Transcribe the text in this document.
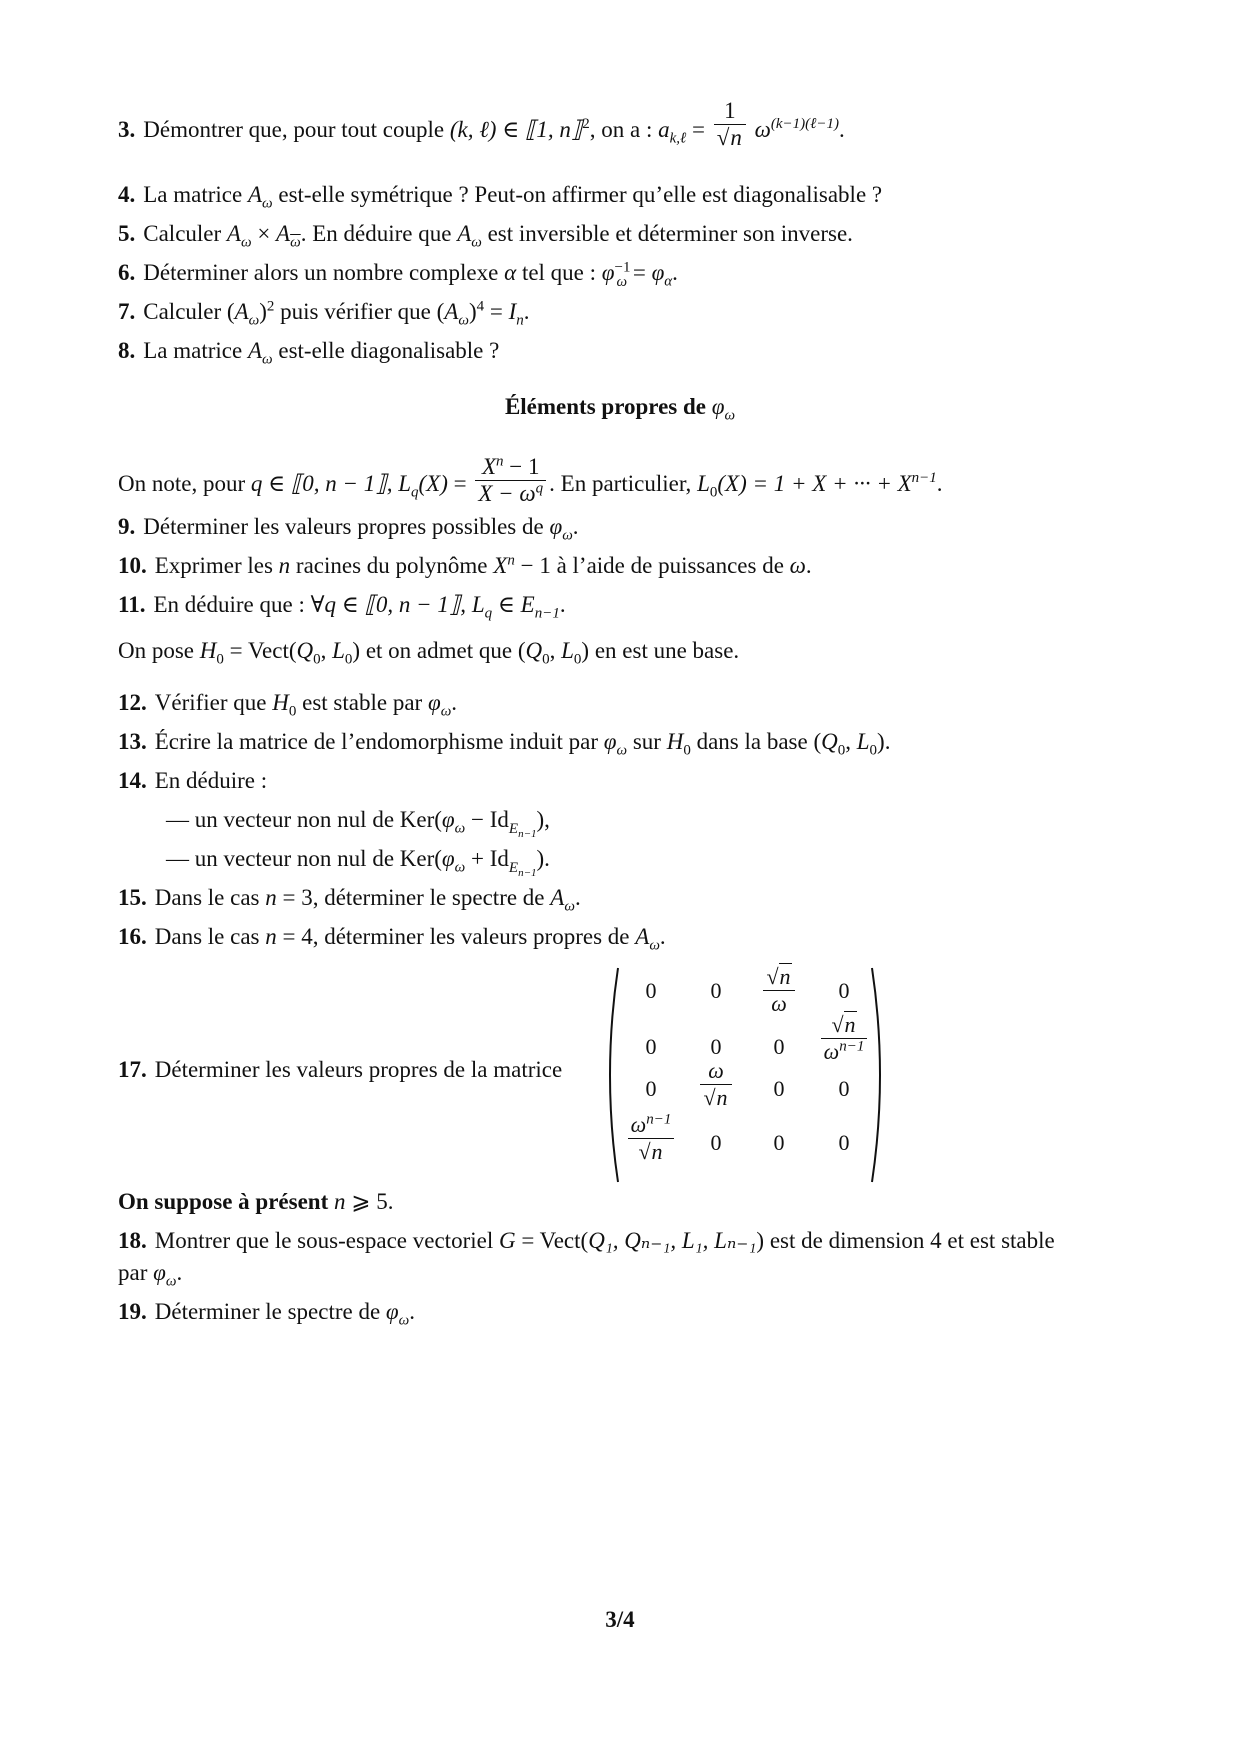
3. Démontrer que, pour tout couple (k, ℓ) ∈ ⟦1, n⟧$^2$, on a : $a_{k,\ell} = \frac{1}{√n} \omega^{(k-1)(\ell-1)}$.
4. La matrice $A_\omega$ est-elle symétrique ? Peut-on affirmer qu’elle est diagonalisable ?
5. Calculer $A_\omega \times A_{\overline{\omega}}$. En déduire que $A_\omega$ est inversible et déterminer son inverse.
6. Déterminer alors un nombre complexe α tel que : $\varphi^{-1}_\omega = \varphi_\alpha$.
7. Calculer $(A_\omega)^2$ puis vérifier que $(A_\omega)^4 = I_n$.
8. La matrice $A_\omega$ est-elle diagonalisable ?
Éléments propres de $\varphi_\omega$
On note, pour q ∈ ⟦0, n − 1⟧, $L_q(X) = \frac{X^n - 1}{X - \omega^q}$ . En particulier, $L_0(X) = 1 + X$ + ··· + $X^{n-1}$.
9. Déterminer les valeurs propres possibles de $\varphi_\omega$.
10. Exprimer les n racines du polynôme $X^n - 1$ à l’aide de puissances de ω.
11. En déduire que : ∀q ∈ ⟦0, n − 1⟧, $L_q$ ∈ $E_{n-1}$.
On pose $H_0$ = $Vect(Q_0$, $L_0$) et on admet que ($Q_0$, $L_0$) en est une base.
12. Vérifier que $H_0$ est stable par $\varphi_\omega$.
13. Écrire la matrice de l’endomorphisme induit par $\varphi_\omega$ sur $H_0$ dans la base ($Q_0$, $L_0$).
14. En déduire :
— un vecteur non nul de $Ker(\varphi_\omega - Id_{E_{n-1}})$,
— un vecteur non nul de $Ker(\varphi_\omega + Id_{E_{n-1}})$.
15. Dans le cas n = 3, déterminer le spectre de $A_\omega$.
16. Dans le cas n = 4, déterminer les valeurs propres de $A_\omega$.
17. Déterminer les valeurs propres de la matrice
0	0	$\frac{√n}{\omega}$	0
0	0	0	$\frac{√n}{\omega^{n-1}}$
0	$\frac{\omega}{√n}$	0	0
$\frac{\omega^{n-1}}{√n}$	0	0	0
On suppose à présent n ⩾ 5.
18. Montrer que le sous-espace vectoriel G = Vect(Q₁, Qₙ₋₁, L₁, Lₙ₋₁) est de dimension 4 et est stable
par $\varphi_\omega$.
19. Déterminer le spectre de $\varphi_\omega$.
3/4
